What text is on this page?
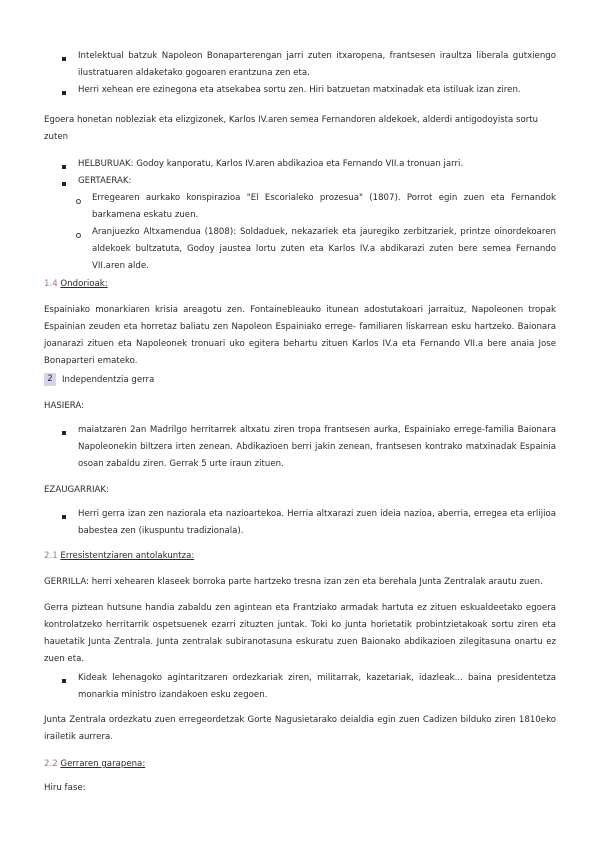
Intelektual batzuk Napoleon Bonaparterengan jarri zuten itxaropena, frantsesen iraultza liberala gutxiengo ilustratuaren aldaketako gogoaren erantzuna zen eta.
Herri xehean ere ezinegona eta atsekabea sortu zen. Hiri batzuetan matxinadak eta istiluak izan ziren.
Egoera honetan nobleziak eta elizgizonek, Karlos IV.aren semea Fernandoren aldekoek, alderdi antigodoyista sortu zuten
HELBURUAK: Godoy kanporatu, Karlos IV.aren abdikazioa eta Fernando VII.a tronuan jarri.
GERTAERAK:
Erregearen aurkako konspirazioa "El Escorialeko prozesua" (1807). Porrot egin zuen eta Fernandok barkamena eskatu zuen.
Aranjuezko Altxamendua (1808): Soldaduek, nekazariek eta jauregiko zerbitzariek, printze oinordekoaren aldekoek bultzatuta, Godoy jaustea lortu zuten eta Karlos IV.a abdikarazi zuten bere semea Fernando VII.aren alde.
1.4 Ondorioak:
Espainiako monarkiaren krisia areagotu zen. Fontainebleauko itunean adostutakoari jarraituz, Napoleonen tropak Espainian zeuden eta horretaz baliatu zen Napoleon Espainiako errege- familiaren liskarrean esku hartzeko. Baionara joanarazi zituen eta Napoleonek tronuari uko egitera behartu zituen Karlos IV.a eta Fernando VII.a bere anaia Jose Bonaparteri emateko.
2	Independentzia gerra
HASIERA:
maiatzaren 2an Madrilgo herritarrek altxatu ziren tropa frantsesen aurka, Espainiako errege-familia Baionara Napoleonekin biltzera irten zenean. Abdikazioen berri jakin zenean, frantsesen kontrako matxinadak Espainia osoan zabaldu ziren. Gerrak 5 urte iraun zituen.
EZAUGARRIAK:
Herri gerra izan zen naziorala eta nazioartekoa. Herria altxarazi zuen ideia nazioa, aberria, erregea eta erlijioa babestea zen (ikuspuntu tradizionala).
2.1 Erresistentziaren antolakuntza:
GERRILLA: herri xehearen klaseek borroka parte hartzeko tresna izan zen eta berehala Junta Zentralak arautu zuen.
Gerra piztean hutsune handia zabaldu zen agintean eta Frantziako armadak hartuta ez zituen eskualdeetako egoera kontrolatzeko herritarrik ospetsuenek ezarri zituzten juntak. Toki ko junta horietatik probintzietakoak sortu ziren eta hauetatik Junta Zentrala. Junta zentralak subiranotasuna eskuratu zuen Baionako abdikazioen zilegitasuna onartu ez zuen eta.
Kideak lehenagoko agintaritzaren ordezkariak ziren, militarrak, kazetariak, idazleak... baina presidentetza monarkia ministro izandakoen esku zegoen.
Junta Zentrala ordezkatu zuen erregeordetzak Gorte Nagusietarako deialdia egin zuen Cadizen bilduko ziren 1810eko irailetik aurrera.
2.2 Gerraren garapena:
Hiru fase:
